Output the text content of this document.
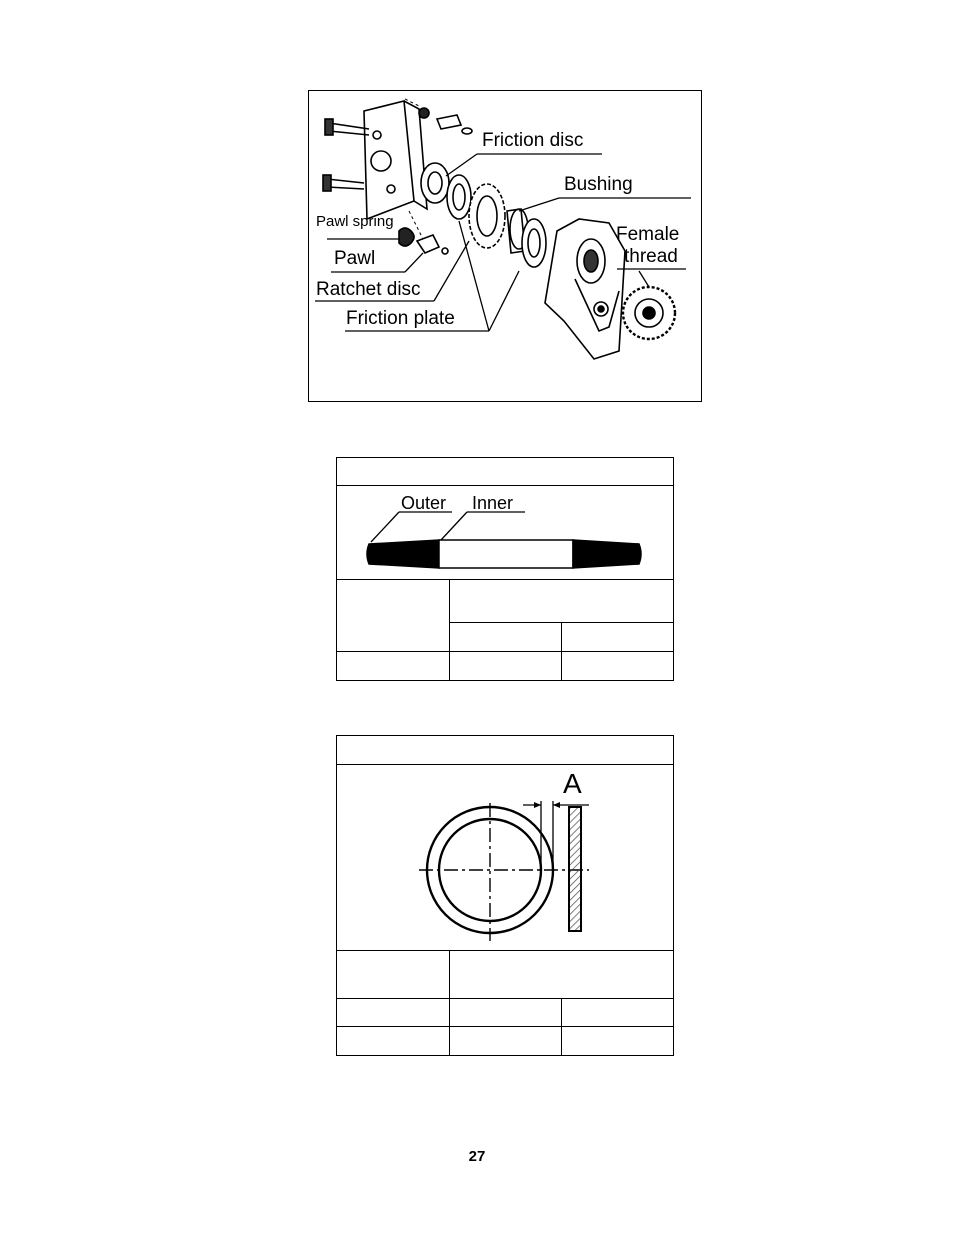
Friction disc
Bushing
Female
thread
Pawl spring
Pawl
Ratchet disc
Friction plate
Outer Inner
A
27
